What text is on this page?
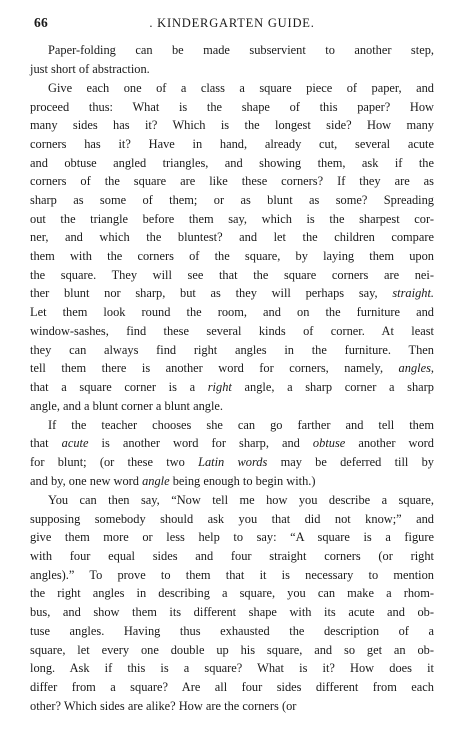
66	. KINDERGARTEN GUIDE.
Paper-folding can be made subservient to another step,
just short of abstraction.
Give each one of a class a square piece of paper, and
proceed thus: What is the shape of this paper? How
many sides has it? Which is the longest side? How many
corners has it? Have in hand, already cut, several acute
and obtuse angled triangles, and showing them, ask if the
corners of the square are like these corners? If they are as
sharp as some of them; or as blunt as some? Spreading
out the triangle before them say, which is the sharpest cor-
ner, and which the bluntest? and let the children compare
them with the corners of the square, by laying them upon
the square. They will see that the square corners are nei-
ther blunt nor sharp, but as they will perhaps say, straight.
Let them look round the room, and on the furniture and
window-sashes, find these several kinds of corner. At least
they can always find right angles in the furniture. Then
tell them there is another word for corners, namely, angles,
that a square corner is a right angle, a sharp corner a sharp
angle, and a blunt corner a blunt angle.
If the teacher chooses she can go farther and tell them
that acute is another word for sharp, and obtuse another word
for blunt; (or these two Latin words may be deferred till by
and by, one new word angle being enough to begin with.)
You can then say, “Now tell me how you describe a square,
supposing somebody should ask you that did not know;” and
give them more or less help to say: “A square is a figure
with four equal sides and four straight corners (or right
angles).” To prove to them that it is necessary to mention
the right angles in describing a square, you can make a rhom-
bus, and show them its different shape with its acute and ob-
tuse angles. Having thus exhausted the description of a
square, let every one double up his square, and so get an ob-
long. Ask if this is a square? What is it? How does it
differ from a square? Are all four sides different from each
other? Which sides are alike? How are the corners (or
